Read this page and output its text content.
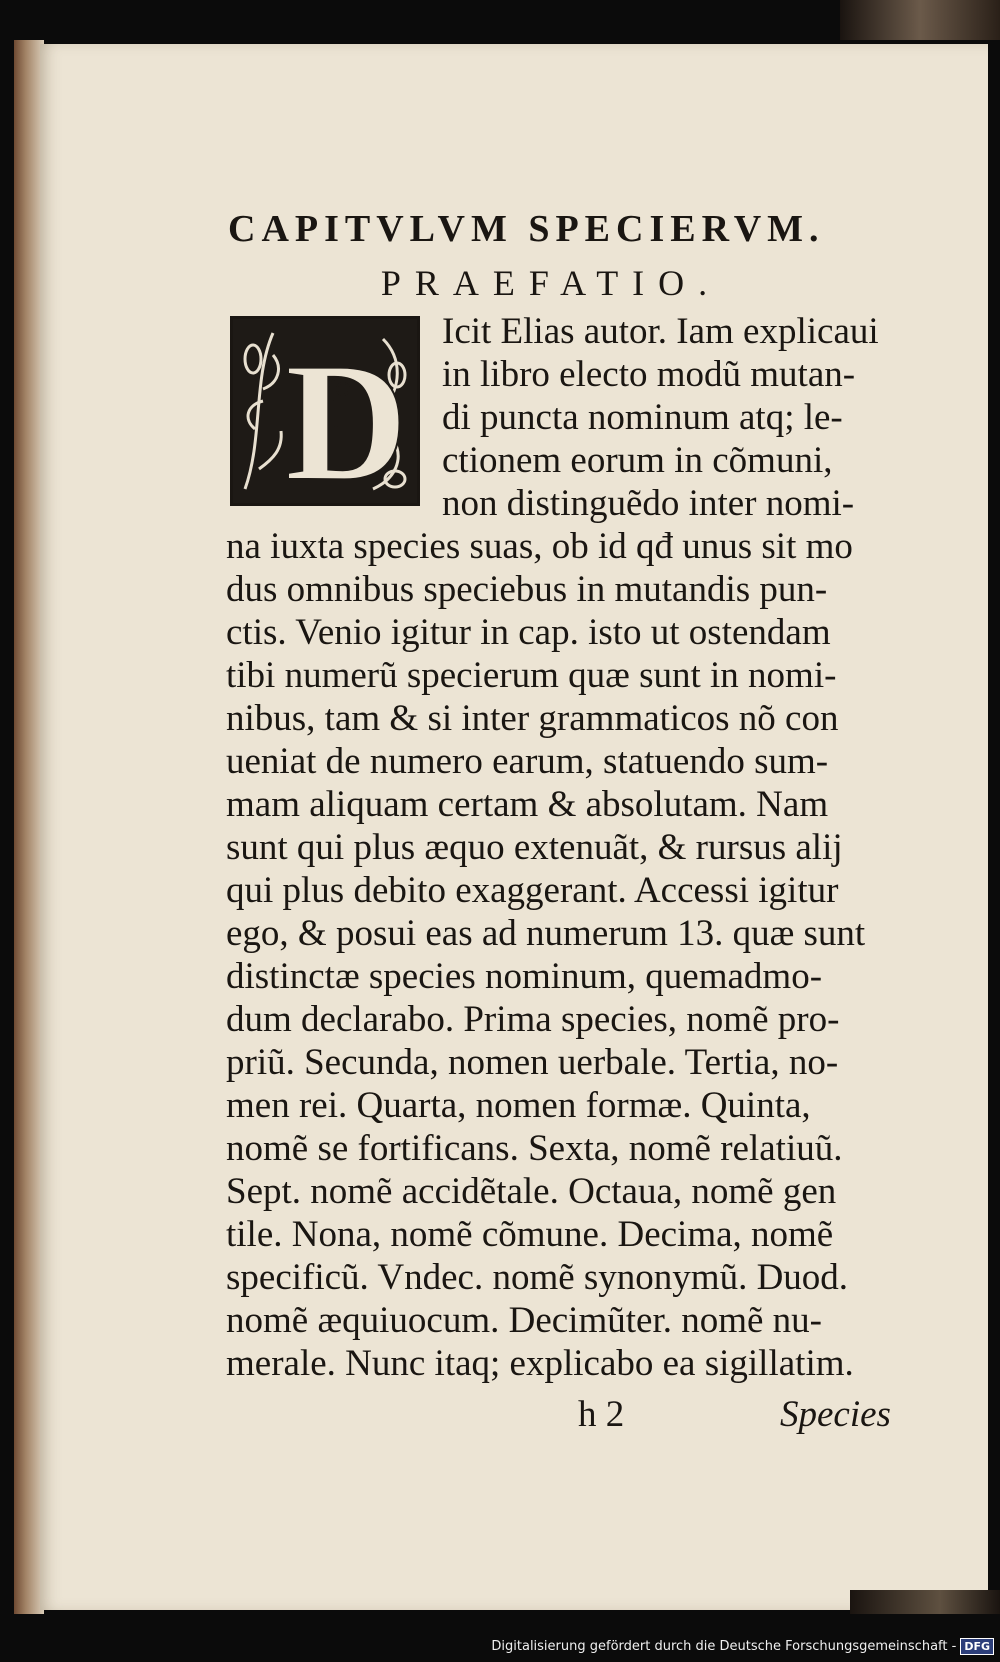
CAPITVLVM SPECIERVM.
PRAEFATIO.
D Icit Elias autor. Iam explicaui
in libro electo modũ mutan-
di puncta nominum atq; le-
ctionem eorum in cõmuni,
non distinguẽdo inter nomi-
na iuxta species suas, ob id qđ unus sit mo
dus omnibus speciebus in mutandis pun-
ctis. Venio igitur in cap. isto ut ostendam
tibi numerũ specierum quæ sunt in nomi-
nibus, tam & si inter grammaticos nõ con
ueniat de numero earum, statuendo sum-
mam aliquam certam & absolutam. Nam
sunt qui plus æquo extenuãt, & rursus alij
qui plus debito exaggerant. Accessi igitur
ego, & posui eas ad numerum 13. quæ sunt
distinctæ species nominum, quemadmo-
dum declarabo. Prima species, nomẽ pro-
priũ. Secunda, nomen uerbale. Tertia, no-
men rei. Quarta, nomen formæ. Quinta,
nomẽ se fortificans. Sexta, nomẽ relatiuũ.
Sept. nomẽ accidẽtale. Octaua, nomẽ gen
tile. Nona, nomẽ cõmune. Decima, nomẽ
specificũ. Vndec. nomẽ synonymũ. Duod.
nomẽ æquiuocum. Decimũter. nomẽ nu-
merale. Nunc itaq; explicabo ea sigillatim.
h 2	Species
Digitalisierung gefördert durch die Deutsche Forschungsgemeinschaft - DFG
